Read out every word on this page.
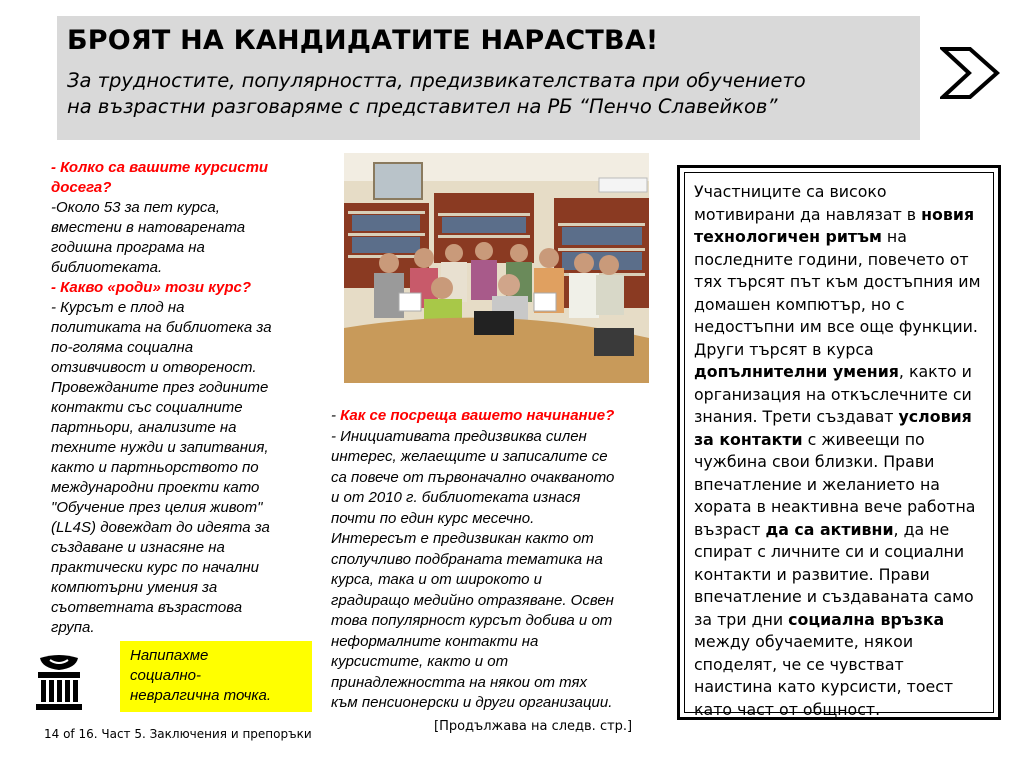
БРОЯТ НА КАНДИДАТИТЕ НАРАСТВА!
За трудностите, популярността, предизвикателствата при обучението
на възрастни разговаряме с представител на РБ “Пенчо Славейков”
- Колко са вашите курсисти
досега?
-Около 53 за пет курса,
вместени в натоварената
годишна програма на
библиотеката.
- Какво «роди» този курс?
- Курсът е плод на
политиката на библиотека за
по-голяма социална
отзивчивост и отвореност.
Провежданите през годините
контакти със социалните
партньори, анализите на
техните нужди и запитвания,
както и партньорството по
международни проекти като
"Обучение през целия живот"
(LL4S) довеждат до идеята за
създаване и изнасяне на
практически курс по начални
компютърни умения за
съответната възрастова
група.
- Как се посреща вашето начинание?
- Инициативата предизвиква силен
интерес, желаещите и записалите се
са повече от първоначално очакваното
и от 2010 г. библиотеката изнася
почти по един курс месечно.
Интересът е предизвикан както от
сполучливо подбраната тематика на
курса, така и от широкото и
градиращо медийно отразяване. Освен
това популярност курсът добива и от
неформалните контакти на
курсистите, както и от
принадлежността на някои от тях
към пенсионерски и други организации.
Участниците са високо мотивирани да навлязат в новия технологичен ритъм на последните години, повечето от тях търсят път към достъпния им домашен компютър, но с недостъпни им все още функции. Други търсят в курса допълнителни умения, както и организация на откъслечните си знания. Трети създават условия за контакти с живеещи по чужбина свои близки. Прави впечатление и желанието на хората в неактивна вече работна възраст да са активни, да не спират с личните си и социални контакти и развитие. Прави впечатление и създаваната само за три дни социална връзка между обучаемите, някои споделят, че се чувстват наистина като курсисти, тоест като част от общност.
Напипахме
социално-
невралгична точка.
14 of 16. Част 5. Заключения и препоръки	[Продължава на следв. стр.]
